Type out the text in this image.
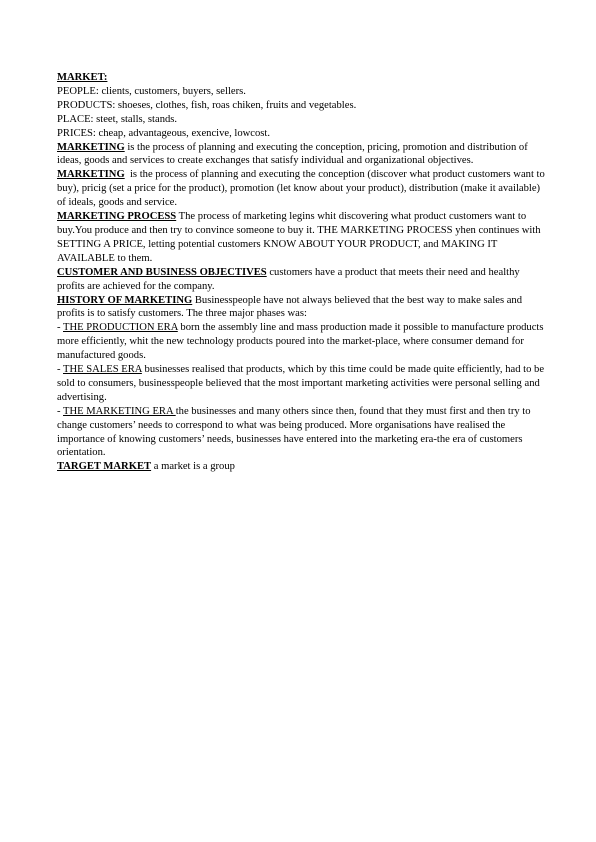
MARKET:

PEOPLE: clients, customers, buyers, sellers.

PRODUCTS: shoeses, clothes, fish, roas chiken, fruits and vegetables.

PLACE: steet, stalls, stands.

PRICES: cheap, advantageous, exencive, lowcost.

MARKETING is the process of planning and executing the conception, pricing, promotion and distribution of ideas, goods and services to create exchanges that satisfy individual and organizational objectives.

MARKETING  is the process of planning and executing the conception (discover what product customers want to buy), pricig (set a price for the product), promotion (let know about your product), distribution (make it available) of ideals, goods and service.

MARKETING PROCESS The process of marketing legins whit discovering what product customers want to buy.You produce and then try to convince someone to buy it. THE MARKETING PROCESS yhen continues with SETTING A PRICE, letting potential customers KNOW ABOUT YOUR PRODUCT, and MAKING IT AVAILABLE to them.

CUSTOMER AND BUSINESS OBJECTIVES customers have a product that meets their need and healthy profits are achieved for the company.

HISTORY OF MARKETING Businesspeople have not always believed that the best way to make sales and profits is to satisfy customers. The three major phases was:

- THE PRODUCTION ERA born the assembly line and mass production made it possible to manufacture products more efficiently, whit the new technology products poured into the market-place, where consumer demand for manufactured goods.

- THE SALES ERA businesses realised that products, which by this time could be made quite efficiently, had to be sold to consumers, businesspeople believed that the most important marketing activities were personal selling and advertising.

- THE MARKETING ERA the businesses and many others since then, found that they must first and then try to change customers’ needs to correspond to what was being produced. More organisations have realised the importance of knowing customers’ needs, businesses have entered into the marketing era-the era of customers orientation.

TARGET MARKET a market is a group
